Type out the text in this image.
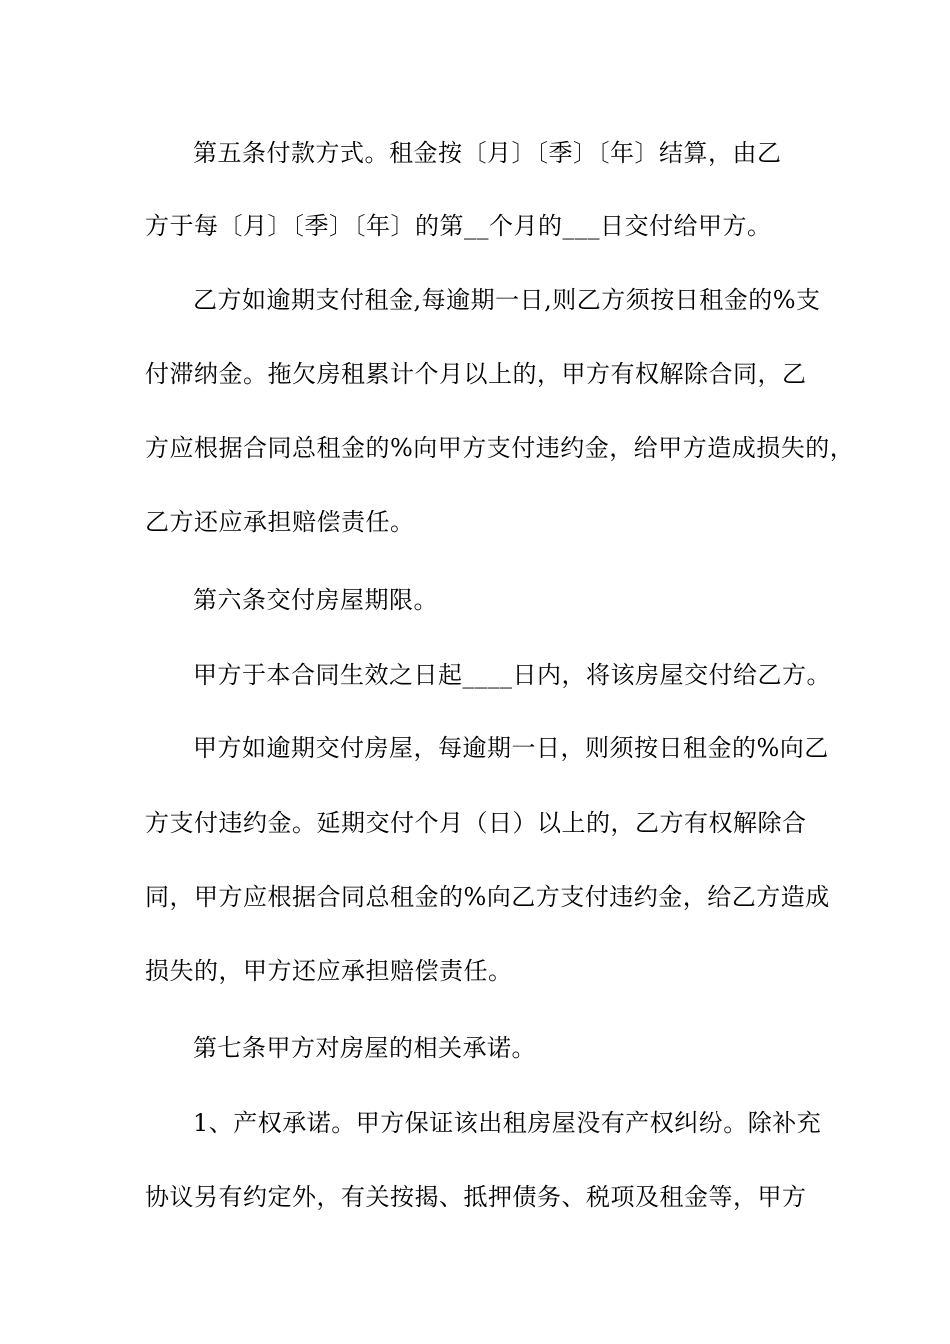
第五条付款方式。租金按〔月〕〔季〕〔年〕结算，由乙
方于每〔月〕〔季〕〔年〕的第__个月的___日交付给甲方。
乙方如逾期支付租金,每逾期一日,则乙方须按日租金的%支
付滞纳金。拖欠房租累计个月以上的，甲方有权解除合同，乙
方应根据合同总租金的%向甲方支付违约金，给甲方造成损失的，
乙方还应承担赔偿责任。
第六条交付房屋期限。
甲方于本合同生效之日起____日内，将该房屋交付给乙方。
甲方如逾期交付房屋，每逾期一日，则须按日租金的%向乙
方支付违约金。延期交付个月（日）以上的，乙方有权解除合
同，甲方应根据合同总租金的%向乙方支付违约金，给乙方造成
损失的，甲方还应承担赔偿责任。
第七条甲方对房屋的相关承诺。
1、产权承诺。甲方保证该出租房屋没有产权纠纷。除补充
协议另有约定外，有关按揭、抵押债务、税项及租金等，甲方
